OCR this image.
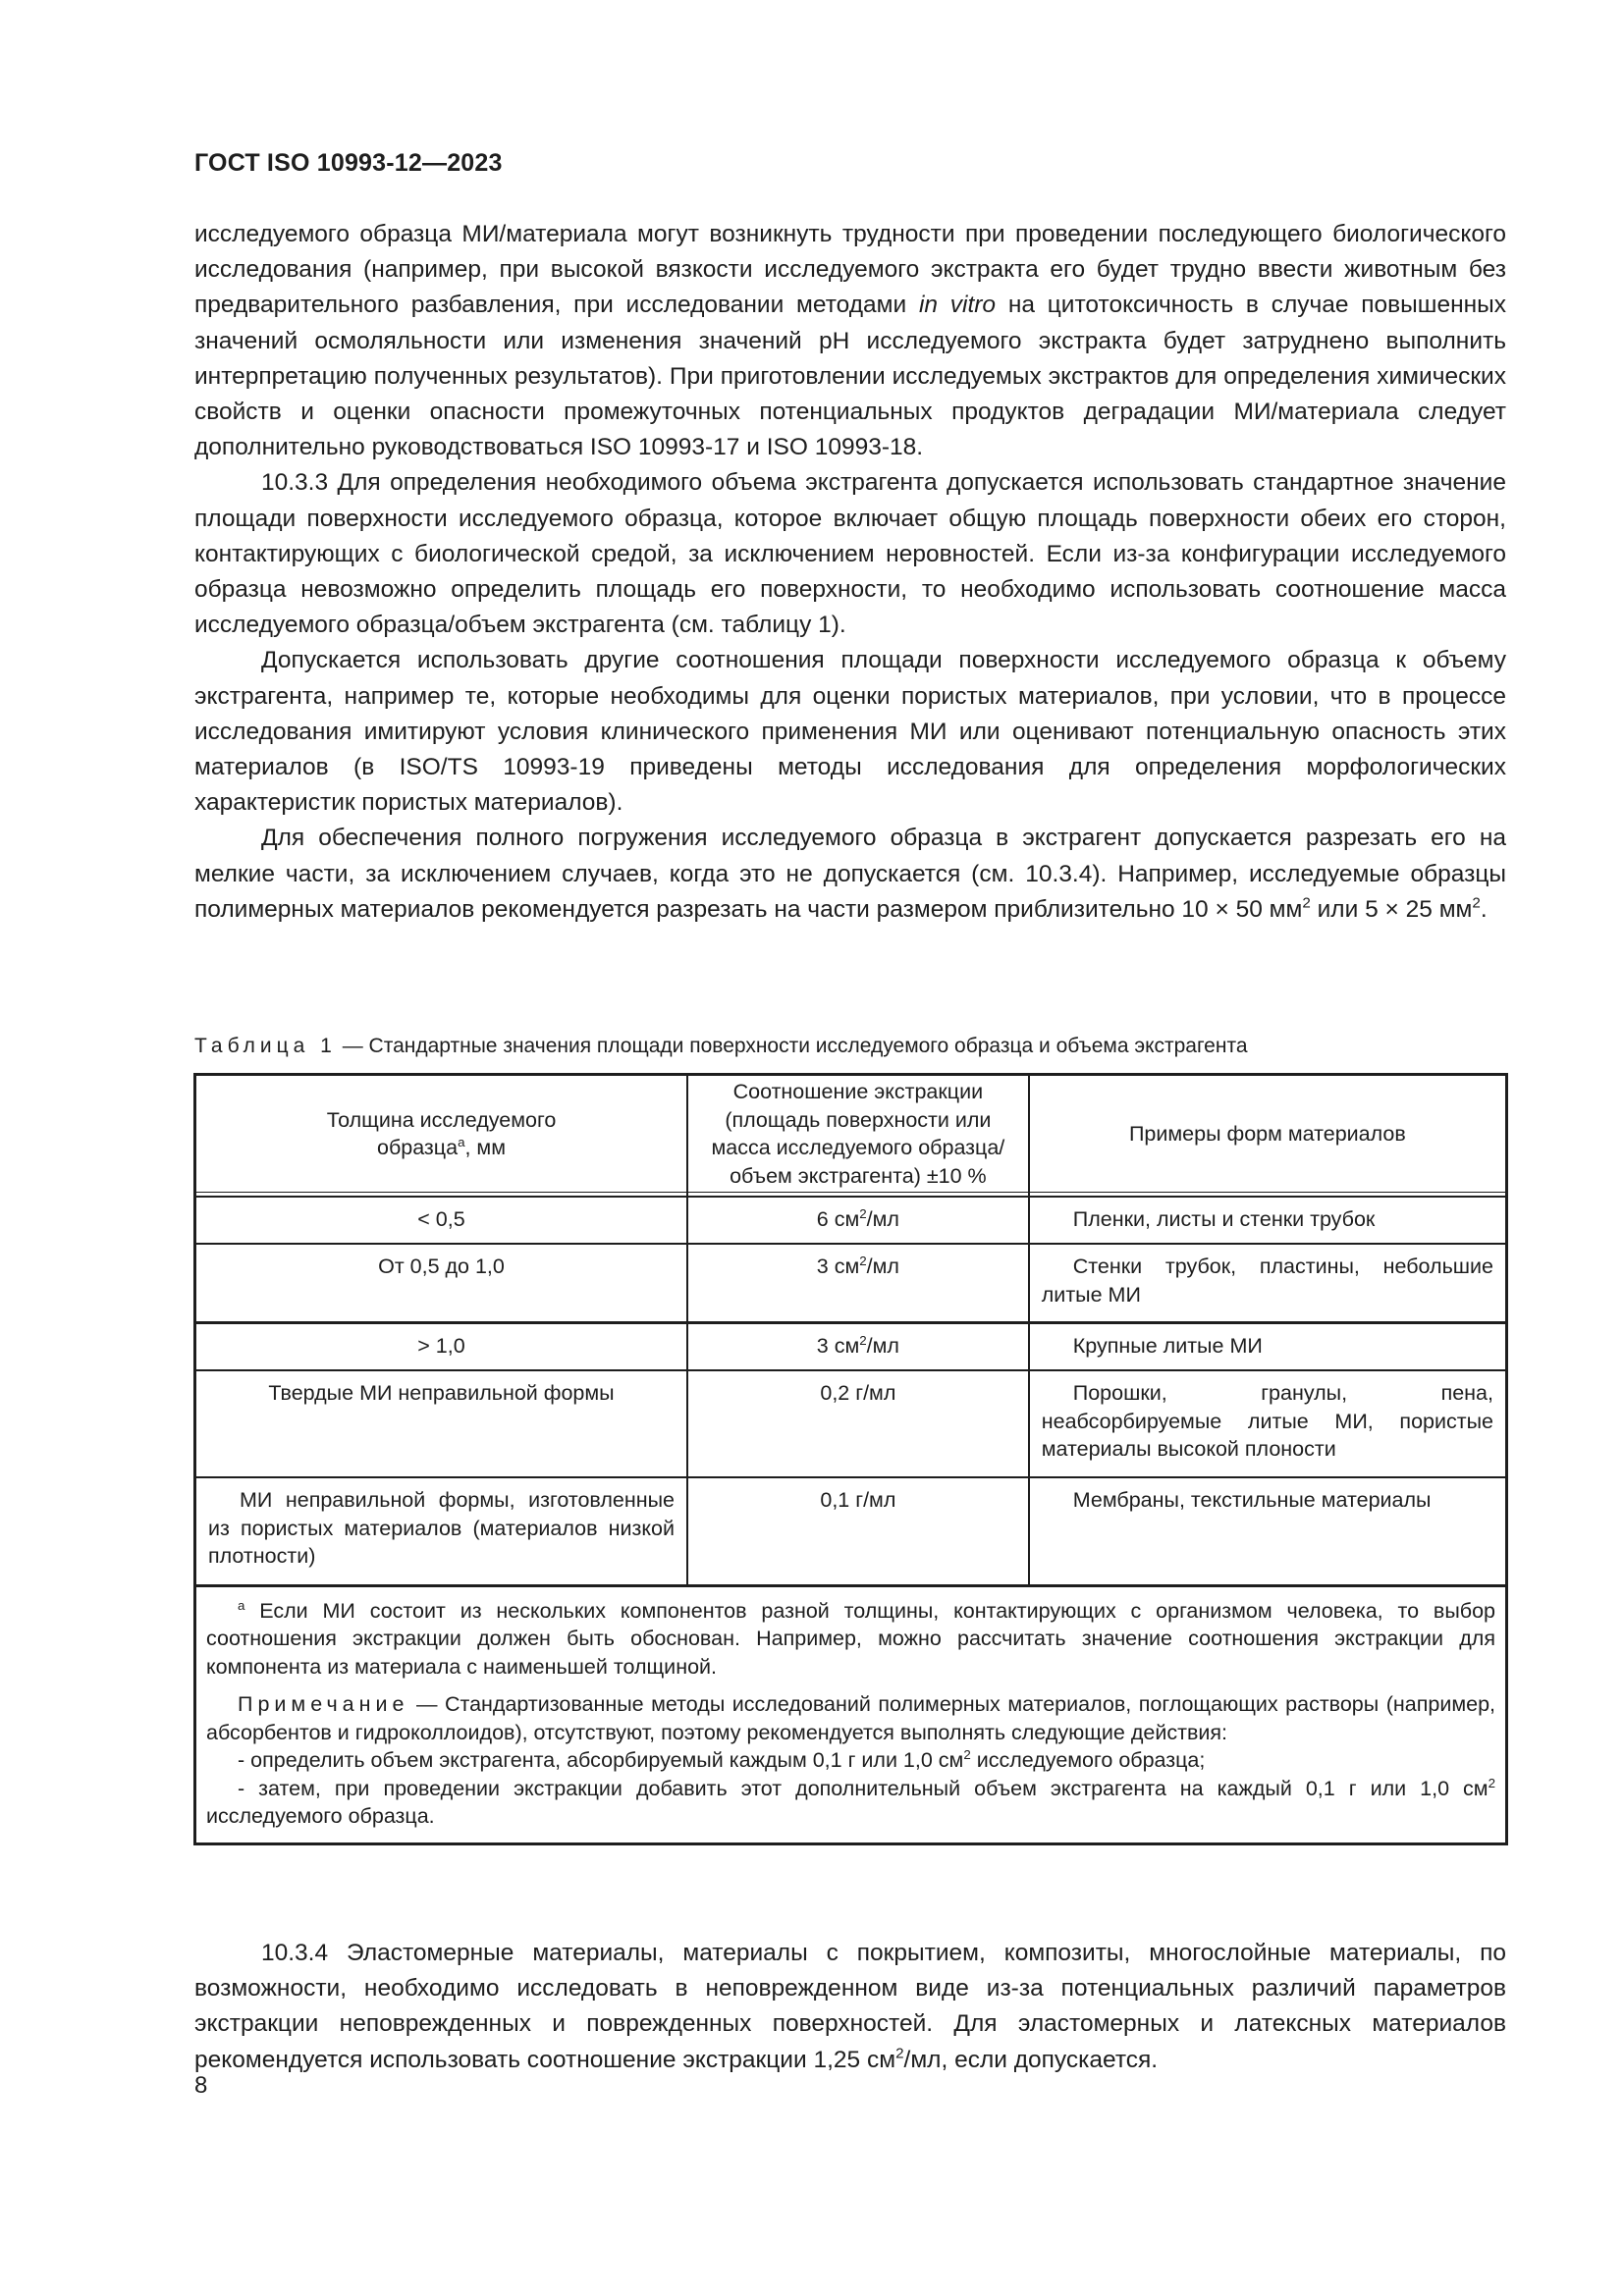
ГОСТ ISO 10993-12—2023

исследуемого образца МИ/материала могут возникнуть трудности при проведении последующего биологического исследования (например, при высокой вязкости исследуемого экстракта его будет трудно ввести животным без предварительного разбавления, при исследовании методами in vitro на цитотоксичность в случае повышенных значений осмоляльности или изменения значений pH исследуемого экстракта будет затруднено выполнить интерпретацию полученных результатов). При приготовлении исследуемых экстрактов для определения химических свойств и оценки опасности промежуточных потенциальных продуктов деградации МИ/материала следует дополнительно руководствоваться ISO 10993-17 и ISO 10993-18.

10.3.3 Для определения необходимого объема экстрагента допускается использовать стандартное значение площади поверхности исследуемого образца, которое включает общую площадь поверхности обеих его сторон, контактирующих с биологической средой, за исключением неровностей. Если из-за конфигурации исследуемого образца невозможно определить площадь его поверхности, то необходимо использовать соотношение масса исследуемого образца/объем экстрагента (см. таблицу 1).

Допускается использовать другие соотношения площади поверхности исследуемого образца к объему экстрагента, например те, которые необходимы для оценки пористых материалов, при условии, что в процессе исследования имитируют условия клинического применения МИ или оценивают потенциальную опасность этих материалов (в ISO/TS 10993-19 приведены методы исследования для определения морфологических характеристик пористых материалов).

Для обеспечения полного погружения исследуемого образца в экстрагент допускается разрезать его на мелкие части, за исключением случаев, когда это не допускается (см. 10.3.4). Например, исследуемые образцы полимерных материалов рекомендуется разрезать на части размером приблизительно 10 × 50 $мм^2$ или 5 × 25 $мм^2$.

Таблица 1 — Стандартные значения площади поверхности исследуемого образца и объема экстрагента
Толщина исследуемого
образца$^a$, мм	Соотношение экстракции (площадь поверхности или масса исследуемого образца/ объем экстрагента) ±10 %	Примеры форм материалов

< 0,5	6 $см^2/мл$	Пленки, листы и стенки трубок
От 0,5 до 1,0	3 $см^2/мл$	Стенки трубок, пластины, небольшие литые МИ
> 1,0	3 $см^2/мл$	Крупные литые МИ
Твердые МИ неправильной формы	0,2 г/мл	Порошки, гранулы, пена, неабсорбируемые литые МИ, пористые материалы высокой плоности
МИ неправильной формы, изготовленные из пористых материалов (материалов низкой плотности)	0,1 г/мл	Мембраны, текстильные материалы

$^a$ Если МИ состоит из нескольких компонентов разной толщины, контактирующих с организмом человека, то выбор соотношения экстракции должен быть обоснован. Например, можно рассчитать значение соотношения экстракции для компонента из материала с наименьшей толщиной.

Примечание — Стандартизованные методы исследований полимерных материалов, поглощающих растворы (например, абсорбентов и гидроколлоидов), отсутствуют, поэтому рекомендуется выполнять следующие действия:

- определить объем экстрагента, абсорбируемый каждым 0,1 г или 1,0 $см^2$ исследуемого образца;

- затем, при проведении экстракции добавить этот дополнительный объем экстрагента на каждый 0,1 г или 1,0 $см^2$ исследуемого образца.		

10.3.4 Эластомерные материалы, материалы с покрытием, композиты, многослойные материалы, по возможности, необходимо исследовать в неповрежденном виде из-за потенциальных различий параметров экстракции неповрежденных и поврежденных поверхностей. Для эластомерных и латексных материалов рекомендуется использовать соотношение экстракции 1,25 $см^2/мл$, если допускается.

8
